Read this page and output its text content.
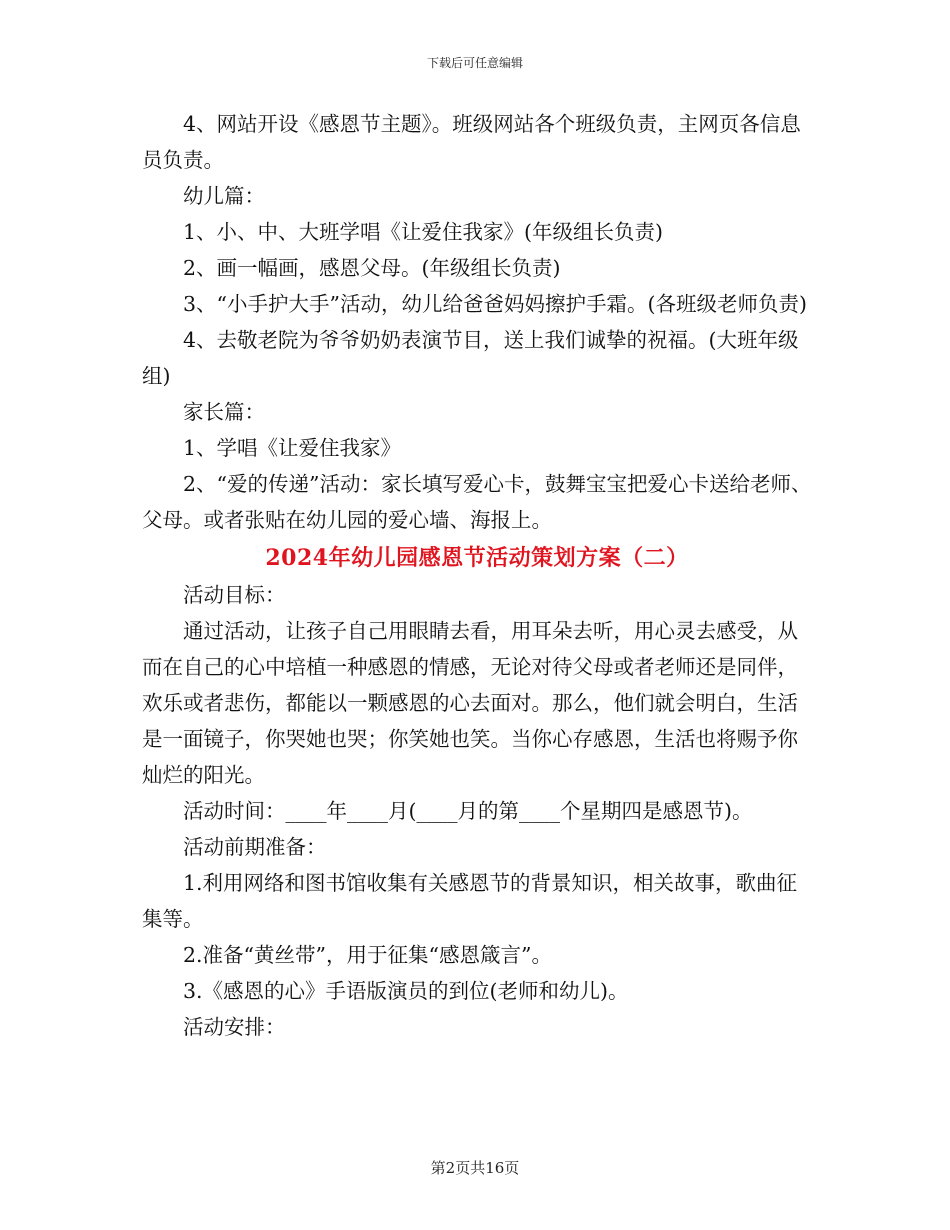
下载后可任意编辑

4、网站开设《感恩节主题》。班级网站各个班级负责，主网页各信息员负责。

幼儿篇：

1、小、中、大班学唱《让爱住我家》(年级组长负责)

2、画一幅画，感恩父母。(年级组长负责)

3、“小手护大手”活动，幼儿给爸爸妈妈擦护手霜。(各班级老师负责)

4、去敬老院为爷爷奶奶表演节目，送上我们诚挚的祝福。(大班年级组)

家长篇：

1、学唱《让爱住我家》

2、“爱的传递”活动：家长填写爱心卡，鼓舞宝宝把爱心卡送给老师、父母。或者张贴在幼儿园的爱心墙、海报上。

2024年幼儿园感恩节活动策划方案（二）

活动目标：

通过活动，让孩子自己用眼睛去看，用耳朵去听，用心灵去感受，从而在自己的心中培植一种感恩的情感，无论对待父母或者老师还是同伴，欢乐或者悲伤，都能以一颗感恩的心去面对。那么，他们就会明白，生活是一面镜子，你哭她也哭；你笑她也笑。当你心存感恩，生活也将赐予你灿烂的阳光。

活动时间：____年____月(____月的第____个星期四是感恩节)。

活动前期准备：

1.利用网络和图书馆收集有关感恩节的背景知识，相关故事，歌曲征集等。

2.准备“黄丝带”，用于征集“感恩箴言”。

3.《感恩的心》手语版演员的到位(老师和幼儿)。

活动安排：

第2页共16页
